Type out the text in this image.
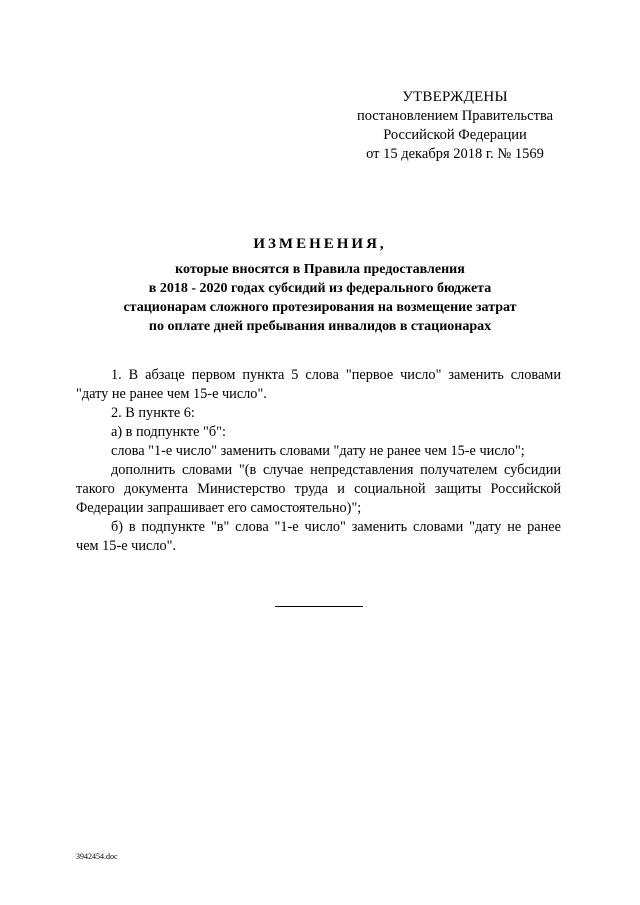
УТВЕРЖДЕНЫ
постановлением Правительства
Российской Федерации
от 15 декабря 2018 г. № 1569
ИЗМЕНЕНИЯ,
которые вносятся в Правила предоставления
в 2018 - 2020 годах субсидий из федерального бюджета
стационарам сложного протезирования на возмещение затрат
по оплате дней пребывания инвалидов в стационарах

1. В абзаце первом пункта 5 слова "первое число" заменить словами "дату не ранее чем 15-е число".

2. В пункте 6:

а) в подпункте "б":

слова "1-е число" заменить словами "дату не ранее чем 15-е число";

дополнить словами "(в случае непредставления получателем субсидии такого документа Министерство труда и социальной защиты Российской Федерации запрашивает его самостоятельно)";

б) в подпункте "в" слова "1-е число" заменить словами "дату не ранее чем 15-е число".

3942454.doc
